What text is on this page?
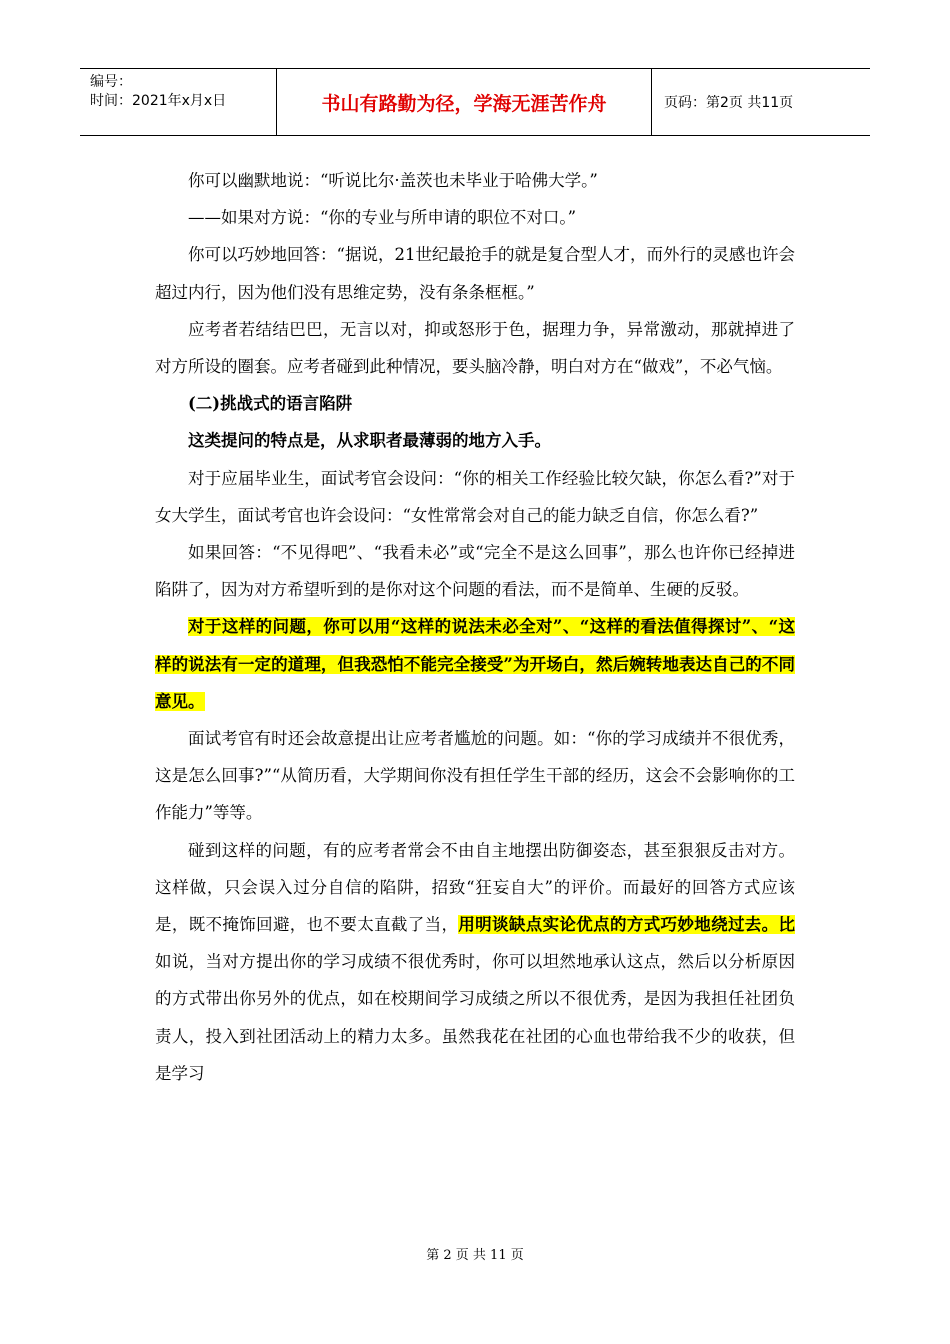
编号：
时间：2021年x月x日	书山有路勤为径，学海无涯苦作舟	页码：第2页 共11页

你可以幽默地说：“听说比尔·盖茨也未毕业于哈佛大学。”

——如果对方说：“你的专业与所申请的职位不对口。”

你可以巧妙地回答：“据说，21世纪最抢手的就是复合型人才，而外行的灵感也许会超过内行，因为他们没有思维定势，没有条条框框。”

应考者若结结巴巴，无言以对，抑或怒形于色，据理力争，异常激动，那就掉进了对方所设的圈套。应考者碰到此种情况，要头脑冷静，明白对方在“做戏”，不必气恼。

(二)挑战式的语言陷阱

这类提问的特点是，从求职者最薄弱的地方入手。

对于应届毕业生，面试考官会设问：“你的相关工作经验比较欠缺，你怎么看?”对于女大学生，面试考官也许会设问：“女性常常会对自己的能力缺乏自信，你怎么看?”

如果回答：“不见得吧”、“我看未必”或“完全不是这么回事”，那么也许你已经掉进陷阱了，因为对方希望听到的是你对这个问题的看法，而不是简单、生硬的反驳。

对于这样的问题，你可以用“这样的说法未必全对”、“这样的看法值得探讨”、“这样的说法有一定的道理，但我恐怕不能完全接受”为开场白，然后婉转地表达自己的不同意见。

面试考官有时还会故意提出让应考者尴尬的问题。如：“你的学习成绩并不很优秀，这是怎么回事?”“从简历看，大学期间你没有担任学生干部的经历，这会不会影响你的工作能力”等等。

碰到这样的问题，有的应考者常会不由自主地摆出防御姿态，甚至狠狠反击对方。这样做，只会误入过分自信的陷阱，招致“狂妄自大”的评价。而最好的回答方式应该是，既不掩饰回避，也不要太直截了当，用明谈缺点实论优点的方式巧妙地绕过去。比如说，当对方提出你的学习成绩不很优秀时，你可以坦然地承认这点，然后以分析原因的方式带出你另外的优点，如在校期间学习成绩之所以不很优秀，是因为我担任社团负责人，投入到社团活动上的精力太多。虽然我花在社团的心血也带给我不少的收获，但是学习

第 2 页 共 11 页
